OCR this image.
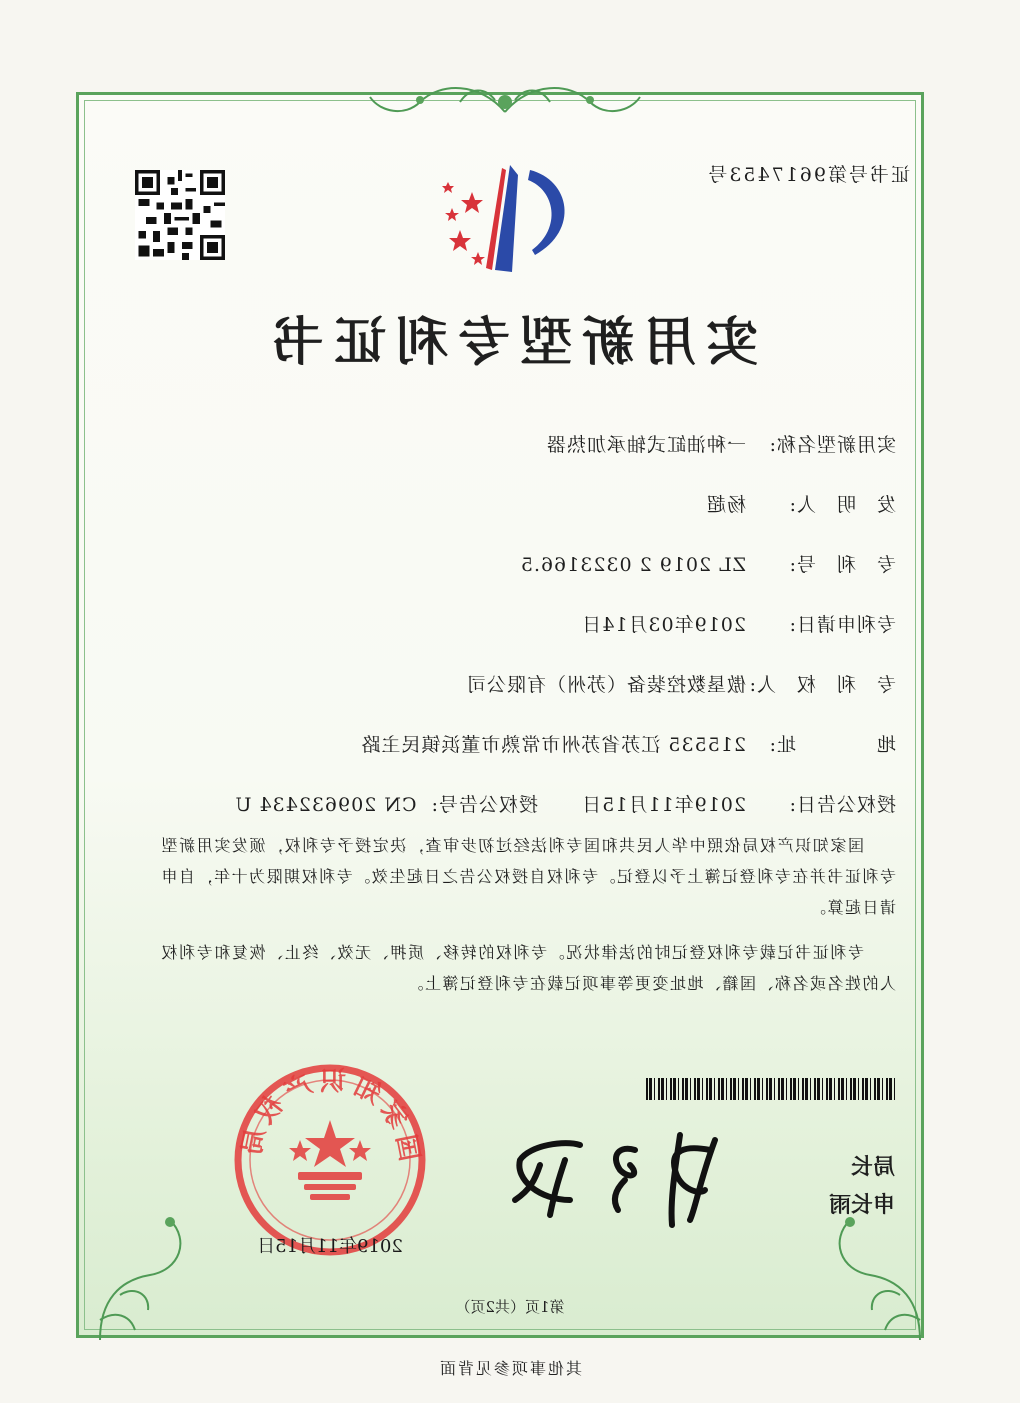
证书号第9617453号
实用新型专利证书
实用新型名称:一种油缸式轴承加热器
发　明　人:杨超
专　利　号:ZL 2019 2 0323166.5
专利申请日:2019年03月14日
专　利　权　人:傲垦数控装备（苏州）有限公司
地　　　　址:215535 江苏省苏州市常熟市董浜镇民主路
授权公告日:2019年11月15日
授权公告号:  CN 209632434 U

国家知识产权局依照中华人民共和国专利法经过初步审查，决定授予专利权，颁发实用新型专利证书并在专利登记簿上予以登记。专利权自授权公告之日起生效。专利权期限为十年，自申请日起算。

专利证书记载专利权登记时的法律状况。专利权的转移、质押、无效、终止、恢复和专利权人的姓名或名称、国籍、地址变更等事项记载在专利登记簿上。

局长
申长雨
国家知识产权局
2019年11月15日
第1页（共2页）
其他事项参见背面
